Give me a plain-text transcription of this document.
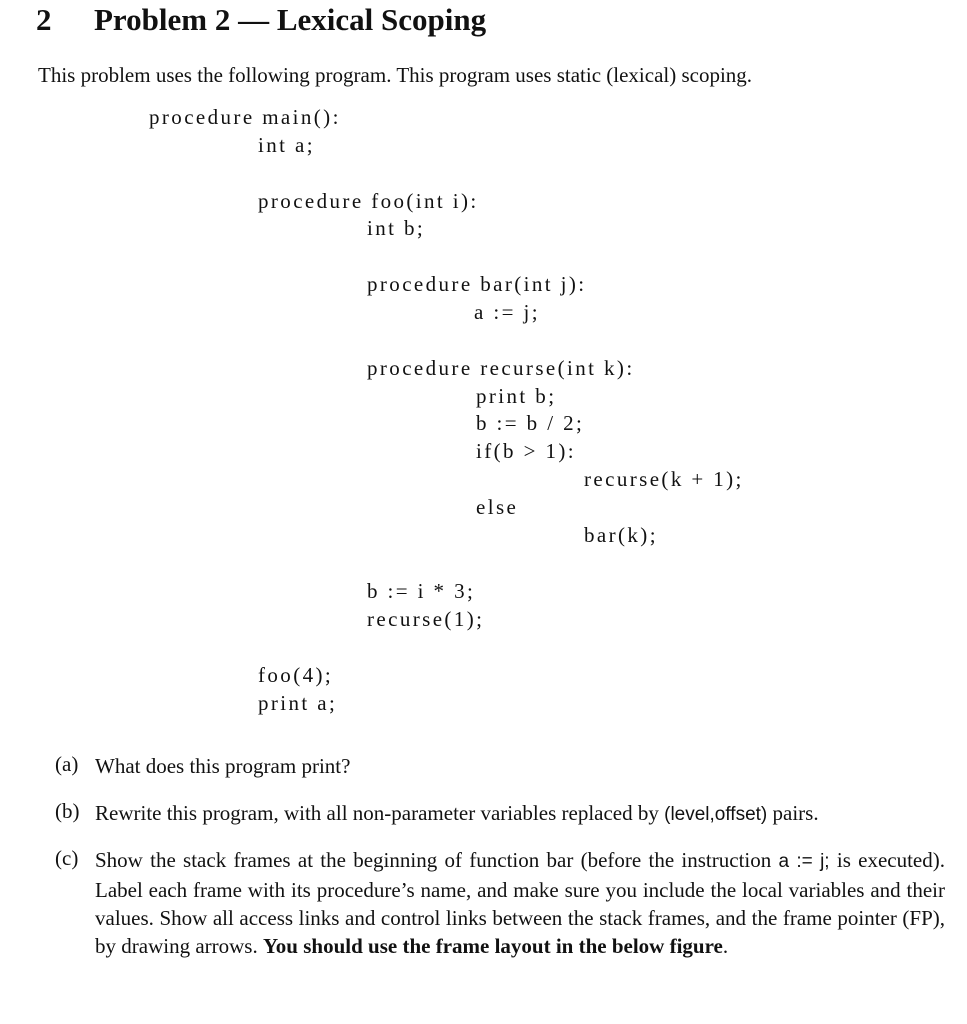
2 Problem 2 — Lexical Scoping
This problem uses the following program. This program uses static (lexical) scoping.
procedure main():
int a;
procedure foo(int i):
int b;
procedure bar(int j):
a := j;
procedure recurse(int k):
print b;
b := b / 2;
if(b > 1):
recurse(k + 1);
else
bar(k);
b := i * 3;
recurse(1);
foo(4);
print a;
(a) What does this program print?
(b) Rewrite this program, with all non-parameter variables replaced by (level,offset) pairs.
(c) Show the stack frames at the beginning of function bar (before the instruction a := j; is executed). Label each frame with its procedure’s name, and make sure you include the local variables and their values. Show all access links and control links between the stack frames, and the frame pointer (FP), by drawing arrows. You should use the frame layout in the below figure.
